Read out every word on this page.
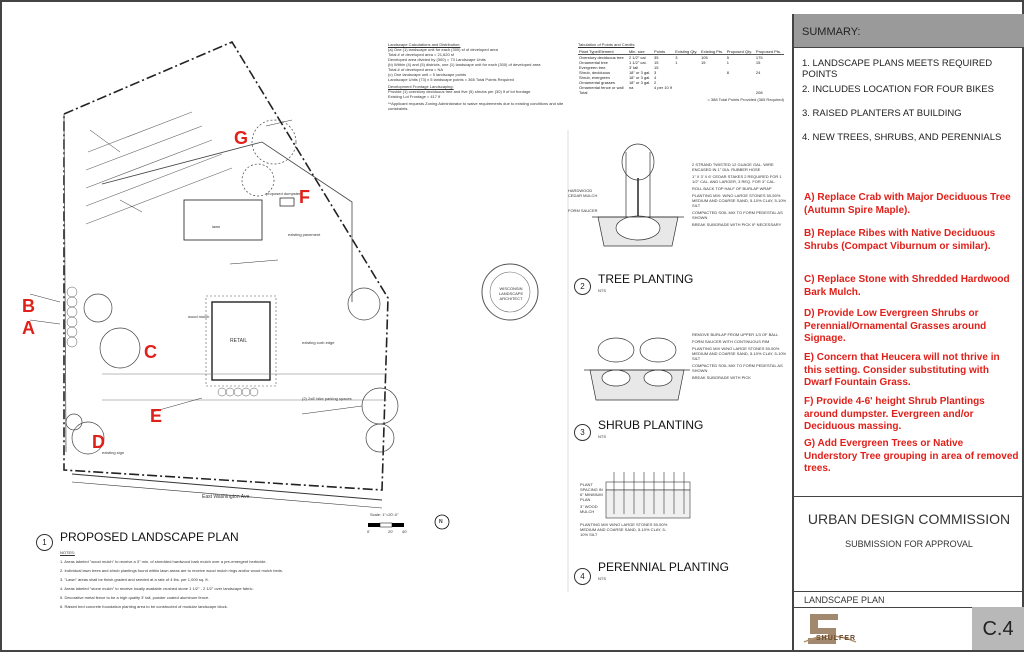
G
F
B
A
C
E
D
RETAIL
East Washington Ave.
lawn
existing pavement
proposed dumpster
existing sign
existing curb edge
(2) 2x8' bike parking spaces
wood mulch
WISCONSIN LANDSCAPE ARCHITECT
1	PROPOSED LANDSCAPE PLAN
Scale: 1"=20'-0"
0'	20' 40'
N
NOTES:
1. Areas labeled "wood mulch" to receive a 3" min. of shredded hardwood bark mulch over a pre-emergent herbicide.
2. Individual lawn trees and shrub plantings found within lawn areas are to receive wood mulch rings and/or wood mulch beds.
3. "Lawn" areas shall be finish graded and seeded at a rate of 4 lbs. per 1,000 sq. ft.
4. Areas labeled "stone mulch" to receive locally available crushed stone 1 1/2" - 2 1/2" over landscape fabric.
5. Decorative metal fence to be a high quality 3' tall, powder coated aluminum fence.
6. Raised bed concrete foundation planting area to be constructed of modular landscape block.
Landscape Calculations and Distribution:
(a) One (1) landscape unit for each (300) sf of developed area
Total # of developed area = 21,620 sf
Developed area divided by (300) = 73 Landscape Units
(b) Within (4) and (5) districts, one (1) landscape unit for each (300) of developed area
Total # of developed area = NA
(c) One landscape unit = 5 landscape points
Landscape Units (73) x 5 landscape points = 365 Total Points Required
Development Frontage Landscaping:
Provide (1) overstory deciduous tree and five (5) shrubs per (30) lf of lot frontage
Existing Lot Frontage = 417 lf
**Applicant requests Zoning Administrator to waive requirements due to existing conditions and site constraints.
Tabulation of Points and Credits
Plant Type/Element	Min. size	Points	Existing Qty.	Existing Pts.	Proposed Qty.	Proposed Pts.
Overstory deciduous tree	2 1/2" cal.	35	3	105	5	175
Ornamental tree	1 1/2" cal.	15	1	15	1	15
Evergreen tree	3' tall	15				
Shrub, deciduous	18" or 3 gal.	3			8	24
Shrub, evergreen	18" or 3 gal.	4				
Ornamental grasses	18" or 3 gal.	2				
Ornamental fence or wall	na	4 per 10 lf				
Total						208
= 388 Total Points Provided (365 Required)
2
TREE PLANTING
NTS
2 STRAND TWISTED 12 GUAGE GAL. WIRE ENCASED IN 1" DIA. RUBBER HOSE
1" X 3' X 6' CEDAR STAKES 2 REQUIRED FOR 1 1/2" CAL. AND LARGER, 3 REQ. FOR 3" CAL.
ROLL BACK TOP HALF OF BURLAP WRAP
PLANTING MIX: W/NO LARGE STONES 50-50% MEDIUM AND COARSE SAND, 5-10% CLAY, 5-10% SILT
COMPACTED SOIL MIX TO FORM PEDESTAL AS SHOWN
BREAK SUBGRADE WITH PICK IF NECESSARY
HARDWOOD CEDAR MULCH
FORM SAUCER
3
SHRUB PLANTING
NTS
REMOVE BURLAP FROM UPPER 1/3 OF BALL
FORM SAUCER WITH CONTINUOUS RIM
PLANTING MIX W/NO LARGE STONES 50-50% MEDIUM AND COARSE SAND, 5-10% CLAY, 5-10% SILT
COMPACTED SOIL MIX TO FORM PEDESTAL AS SHOWN
BREAK SUBGRADE WITH PICK
4
PERENNIAL PLANTING
NTS
PLANT SPACING IN 6" MINIMUM PLAN
3" WOOD MULCH
PLANTING MIX W/NO LARGE STONES 50-50% MEDIUM AND COARSE SAND, 5-10% CLAY, 5-10% SILT
SUMMARY:
1. LANDSCAPE PLANS MEETS REQUIRED POINTS
2. INCLUDES LOCATION FOR FOUR BIKES
3. RAISED PLANTERS AT BUILDING
4. NEW TREES, SHRUBS, AND PERENNIALS
A) Replace Crab with Major Deciduous Tree (Autumn Spire Maple).
B) Replace Ribes with Native Deciduous Shrubs (Compact Viburnum or similar).
C) Replace Stone with Shredded Hardwood Bark Mulch.
D) Provide Low Evergreen Shrubs or Perennial/Ornamental Grasses around Signage.
E) Concern that Heucera will not thrive in this setting. Consider substituting with Dwarf Fountain Grass.
F) Provide 4-6' height Shrub Plantings around dumpster. Evergreen and/or Deciduous massing.
G) Add Evergreen Trees or Native Understory Tree grouping in area of removed trees.
URBAN DESIGN COMMISSION
SUBMISSION FOR APPROVAL
LANDSCAPE PLAN
SHULFER	C.4
